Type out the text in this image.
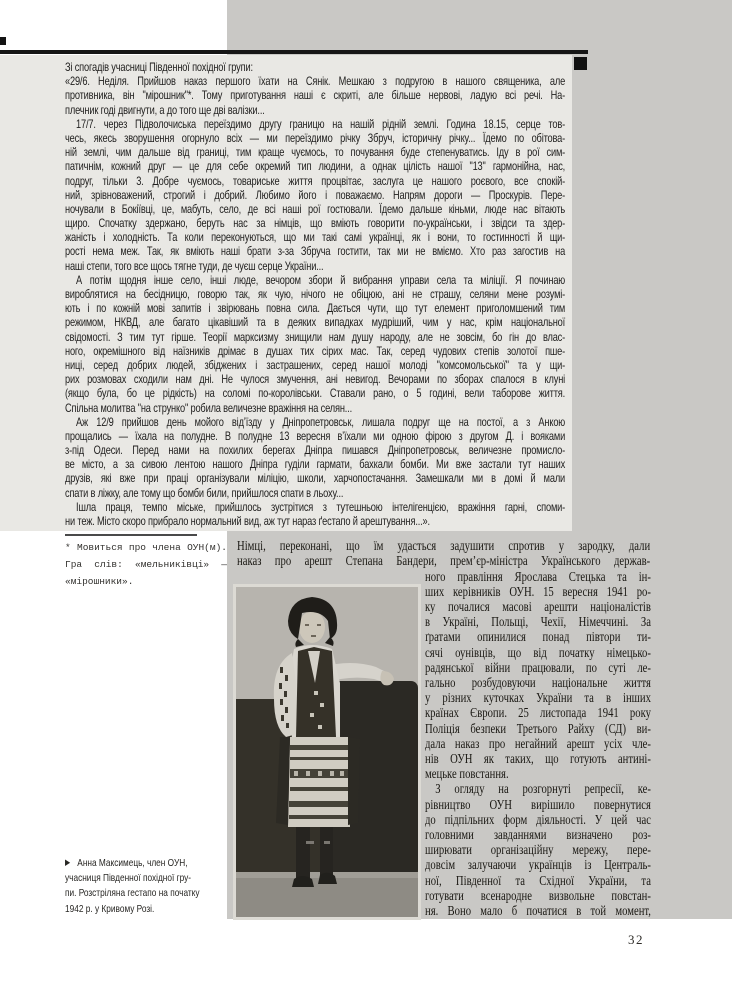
Зі спогадів учасниці Південної похідної групи:
«29/6. Неділя. Прийшов наказ першого їхати на Сянік. Мешкаю з подругою в нашого священика, але
противника, він "мірошник"*. Тому приготування наші є скриті, але більше нервові, ладую всі речі. На-
плечник годі двигнути, а до того ще дві валізки...
17/7. через Підволочиська переїздимо другу границю на нашій рідній землі. Година 18.15, серце тов-
чесь, якесь зворушення огорнуло всіх — ми переїздимо річку Збруч, історичну річку... Їдемо по обітова-
ній землі, чим дальше від границі, тим краще чуємось, то почування буде степенуватись. Іду в рої сим-
патичнім, кожний друг — це для себе окремий тип людини, а однак цілість нашої "13" гармонійна, нас,
подруг, тільки 3. Добре чуємось, товариське життя процвітає, заслуга це нашого роєвого, все спокій-
ний, зрівноважений, строгий і добрий. Любимо його і поважаємо. Напрям дороги — Проскурів. Пере-
ночували в Бокіївці, це, мабуть, село, де всі наші рої гостювали. Їдемо дальше кіньми, люде нас вітають
щиро. Спочатку здержано, беруть нас за німців, що вміють говорити по-українськи, і звідси та здер-
жаність і холодність. Та коли переконуються, що ми такі самі українці, як і вони, то гостинності й щи-
рості нема меж. Так, як вміють наші брати з-за Збруча гостити, так ми не вміємо. Хто раз загостив на
наші степи, того все щось тягне туди, де чуєш серце України...
А потім щодня інше село, інші люде, вечором збори й вибрання управи села та міліції. Я починаю
вироблятися на бесідницю, говорю так, як чую, нічого не обіцюю, ані не страшу, селяни мене розумі-
ють і по кожній мові запитів і звірювань повна сила. Дається чути, що тут елемент приголомшений тим
режимом, НКВД, але багато цікавіший та в деяких випадках мудріший, чим у нас, крім національної
свідомості. З тим тут гірше. Теорії марксизму знищили нам душу народу, але не зовсім, бо гін до влас-
ного, окремішного від наїзників дрімає в душах тих сірих мас. Так, серед чудових степів золотої пше-
ниці, серед добрих людей, збіджених і застрашених, серед нашої молоді "комсомольської" та у щи-
рих розмовах сходили нам дні. Не чулося змучення, ані невигод. Вечорами по зборах спалося в клуні
(якщо була, бо це рідкість) на соломі по-королівськи. Ставали рано, о 5 годині, вели таборове життя.
Спільна молитва "на струнко" робила величезне вражіння на селян...
Аж 12/9 прийшов день мойого від’їзду у Дніпропетровськ, лишала подруг ще на постої, а з Анкою
прощались — їхала на полудне. В полудне 13 вересня в’їхали ми одною фірою з другом Д. і вояками
з-під Одеси. Перед нами на похилих берегах Дніпра пишався Дніпропетровськ, величезне промисло-
ве місто, а за сивою лентою нашого Дніпра гуділи гармати, бахкали бомби. Ми вже застали тут наших
друзів, які вже при праці організували міліцію, школи, харчопостачання. Замешкали ми в домі й мали
спати в ліжку, але тому що бомби били, прийшлося спати в льоху...
Ішла праця, темпо міське, прийшлось зустрітися з тутешньою інтелігенцією, вражіння гарні, споми-
ни теж. Місто скоро прибрало нормальний вид, аж тут нараз ґестапо й арештування...».
* Мовиться про члена ОУН(м).
Гра слів: «мельниківці» —
«мірошники».
▶ Анна Максимець, член ОУН,
учасниця Південної похідної гру-
пи. Розстріляна гестапо на початку
1942 р. у Кривому Розі.
Німці, переконані, що їм удасться задушити спротив у зародку, дали
наказ про арешт Степана Бандери, прем’єр-міністра Українського держав-
ного правління Ярослава Стецька та ін-
ших керівників ОУН. 15 вересня 1941 ро-
ку почалися масові арешти націоналістів
в Україні, Польщі, Чехії, Німеччині. За
ґратами опинилися понад півтори ти-
сячі оунівців, що від початку німецько-
радянської війни працювали, по суті ле-
гально розбудовуючи національне життя
у різних куточках України та в інших
країнах Європи. 25 листопада 1941 року
Поліція безпеки Третього Райху (СД) ви-
дала наказ про негайний арешт усіх чле-
нів ОУН як таких, що готують антині-
мецьке повстання.
З огляду на розгорнуті репресії, ке-
рівництво ОУН вирішило повернутися
до підпільних форм діяльності. У цей час
головними завданнями визначено роз-
ширювати організаційну мережу, пере-
довсім залучаючи українців із Централь-
ної, Південної та Східної України, та
готувати всенародне визвольне повстан-
ня. Воно мало б початися в той момент,
32
